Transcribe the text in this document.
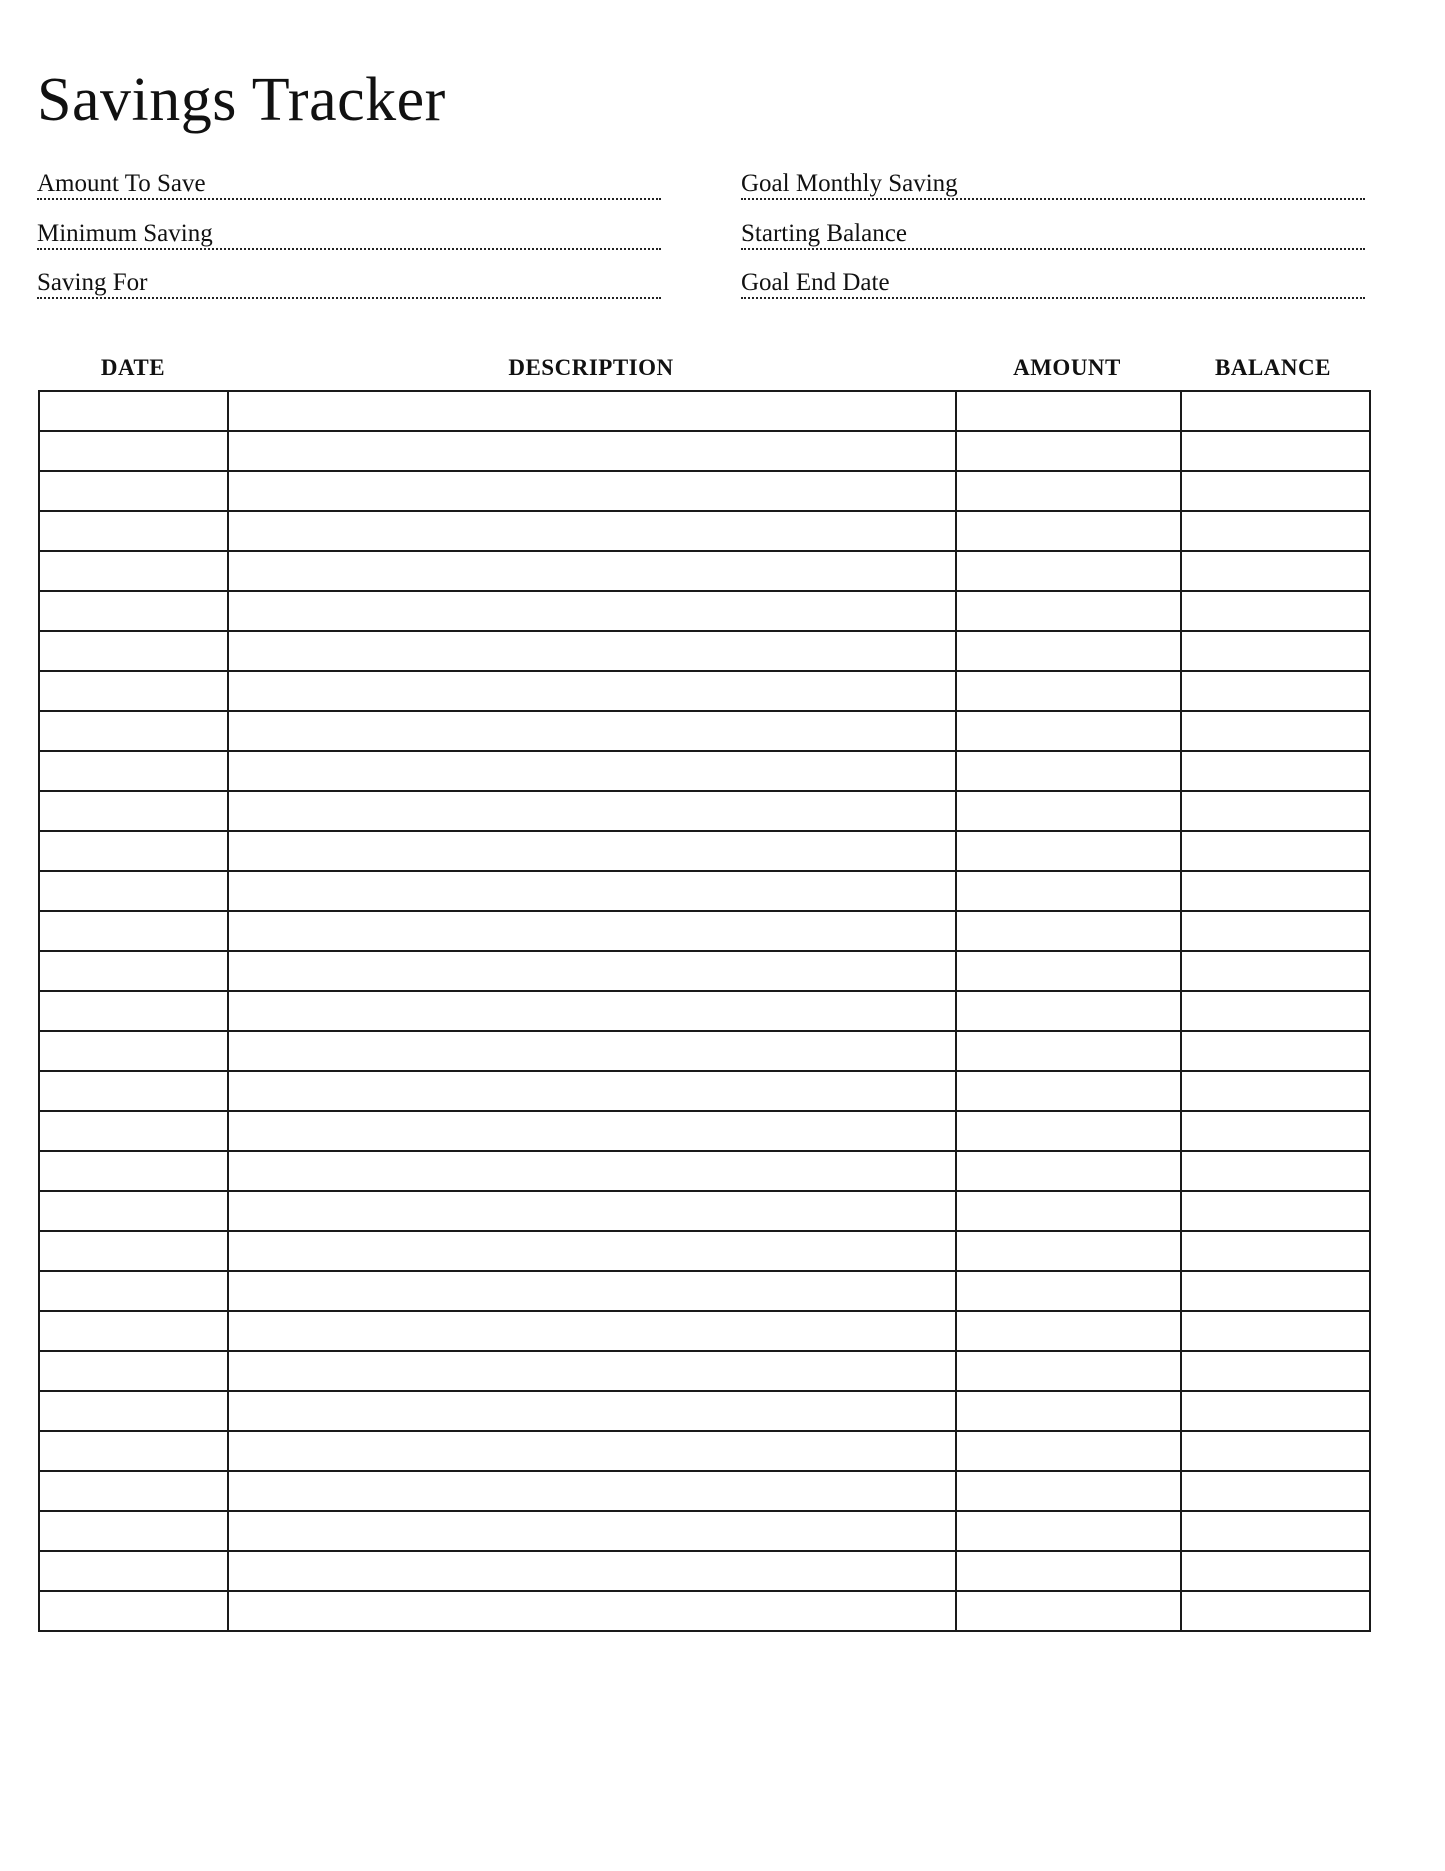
Savings Tracker
Amount To Save
Minimum Saving
Saving For
Goal Monthly Saving
Starting Balance
Goal End Date
DATE	DESCRIPTION	AMOUNT	BALANCE
